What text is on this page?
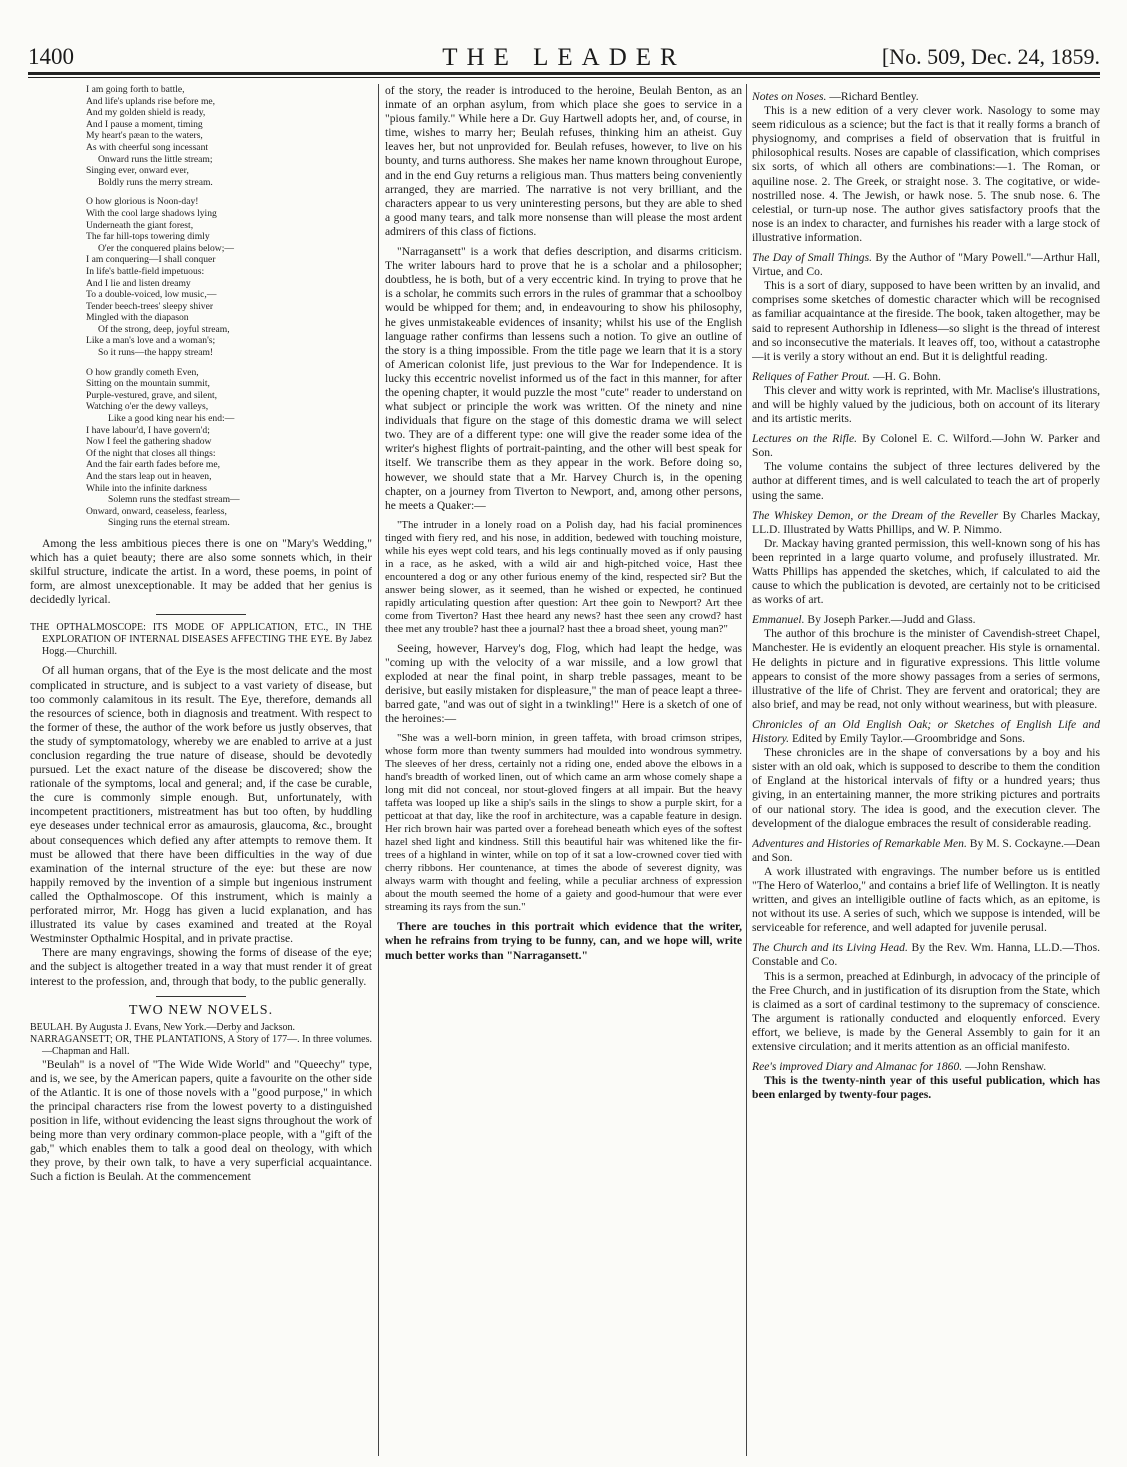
1400	THE LEADER	[No. 509, Dec. 24, 1859.
I am going forth to battle,
And life's uplands rise before me,
And my golden shield is ready,
And I pause a moment, timing
My heart's pæan to the waters,
As with cheerful song incessant
Onward runs the little stream;
Singing ever, onward ever,
Boldly runs the merry stream.
O how glorious is Noon-day!
With the cool large shadows lying
Underneath the giant forest,
The far hill-tops towering dimly
O'er the conquered plains below;—
I am conquering—I shall conquer
In life's battle-field impetuous:
And I lie and listen dreamy
To a double-voiced, low music,—
Tender beech-trees' sleepy shiver
Mingled with the diapason
Of the strong, deep, joyful stream,
Like a man's love and a woman's;
So it runs—the happy stream!
O how grandly cometh Even,
Sitting on the mountain summit,
Purple-vestured, grave, and silent,
Watching o'er the dewy valleys,
Like a good king near his end:—
I have labour'd, I have govern'd;
Now I feel the gathering shadow
Of the night that closes all things:
And the fair earth fades before me,
And the stars leap out in heaven,
While into the infinite darkness
Solemn runs the stedfast stream—
Onward, onward, ceaseless, fearless,
Singing runs the eternal stream.

Among the less ambitious pieces there is one on "Mary's Wedding," which has a quiet beauty; there are also some sonnets which, in their skilful structure, indicate the artist. In a word, these poems, in point of form, are almost unexceptionable. It may be added that her genius is decidedly lyrical.

THE OPTHALMOSCOPE: ITS MODE OF APPLICATION, ETC., IN THE EXPLORATION OF INTERNAL DISEASES AFFECTING THE EYE. By Jabez Hogg.—Churchill.

Of all human organs, that of the Eye is the most delicate and the most complicated in structure, and is subject to a vast variety of disease, but too commonly calamitous in its result. The Eye, therefore, demands all the resources of science, both in diagnosis and treatment. With respect to the former of these, the author of the work before us justly observes, that the study of symptomatology, whereby we are enabled to arrive at a just conclusion regarding the true nature of disease, should be devotedly pursued. Let the exact nature of the disease be discovered; show the rationale of the symptoms, local and general; and, if the case be curable, the cure is commonly simple enough. But, unfortunately, with incompetent practitioners, mistreatment has but too often, by huddling eye deseases under technical error as amaurosis, glaucoma, &c., brought about consequences which defied any after attempts to remove them. It must be allowed that there have been difficulties in the way of due examination of the internal structure of the eye: but these are now happily removed by the invention of a simple but ingenious instrument called the Opthalmoscope. Of this instrument, which is mainly a perforated mirror, Mr. Hogg has given a lucid explanation, and has illustrated its value by cases examined and treated at the Royal Westminster Opthalmic Hospital, and in private practise.

There are many engravings, showing the forms of disease of the eye; and the subject is altogether treated in a way that must render it of great interest to the profession, and, through that body, to the public generally.

TWO NEW NOVELS.

BEULAH. By Augusta J. Evans, New York.—Derby and Jackson.

NARRAGANSETT; OR, THE PLANTATIONS, A Story of 177—. In three volumes.—Chapman and Hall.

"Beulah" is a novel of "The Wide Wide World" and "Queechy" type, and is, we see, by the American papers, quite a favourite on the other side of the Atlantic. It is one of those novels with a "good purpose," in which the principal characters rise from the lowest poverty to a distinguished position in life, without evidencing the least signs throughout the work of being more than very ordinary common-place people, with a "gift of the gab," which enables them to talk a good deal on theology, with which they prove, by their own talk, to have a very superficial acquaintance. Such a fiction is Beulah. At the commencement

of the story, the reader is introduced to the heroine, Beulah Benton, as an inmate of an orphan asylum, from which place she goes to service in a "pious family." While here a Dr. Guy Hartwell adopts her, and, of course, in time, wishes to marry her; Beulah refuses, thinking him an atheist. Guy leaves her, but not unprovided for. Beulah refuses, however, to live on his bounty, and turns authoress. She makes her name known throughout Europe, and in the end Guy returns a religious man. Thus matters being conveniently arranged, they are married. The narrative is not very brilliant, and the characters appear to us very uninteresting persons, but they are able to shed a good many tears, and talk more nonsense than will please the most ardent admirers of this class of fictions.

"Narragansett" is a work that defies description, and disarms criticism. The writer labours hard to prove that he is a scholar and a philosopher; doubtless, he is both, but of a very eccentric kind. In trying to prove that he is a scholar, he commits such errors in the rules of grammar that a schoolboy would be whipped for them; and, in endeavouring to show his philosophy, he gives unmistakeable evidences of insanity; whilst his use of the English language rather confirms than lessens such a notion. To give an outline of the story is a thing impossible. From the title page we learn that it is a story of American colonist life, just previous to the War for Independence. It is lucky this eccentric novelist informed us of the fact in this manner, for after the opening chapter, it would puzzle the most "cute" reader to understand on what subject or principle the work was written. Of the ninety and nine individuals that figure on the stage of this domestic drama we will select two. They are of a different type: one will give the reader some idea of the writer's highest flights of portrait-painting, and the other will best speak for itself. We transcribe them as they appear in the work. Before doing so, however, we should state that a Mr. Harvey Church is, in the opening chapter, on a journey from Tiverton to Newport, and, among other persons, he meets a Quaker:—

"The intruder in a lonely road on a Polish day, had his facial prominences tinged with fiery red, and his nose, in addition, bedewed with touching moisture, while his eyes wept cold tears, and his legs continually moved as if only pausing in a race, as he asked, with a wild air and high-pitched voice, Hast thee encountered a dog or any other furious enemy of the kind, respected sir? But the answer being slower, as it seemed, than he wished or expected, he continued rapidly articulating question after question: Art thee goin to Newport? Art thee come from Tiverton? Hast thee heard any news? hast thee seen any crowd? hast thee met any trouble? hast thee a journal? hast thee a broad sheet, young man?"

Seeing, however, Harvey's dog, Flog, which had leapt the hedge, was "coming up with the velocity of a war missile, and a low growl that exploded at near the final point, in sharp treble passages, meant to be derisive, but easily mistaken for displeasure," the man of peace leapt a three-barred gate, "and was out of sight in a twinkling!" Here is a sketch of one of the heroines:—

"She was a well-born minion, in green taffeta, with broad crimson stripes, whose form more than twenty summers had moulded into wondrous symmetry. The sleeves of her dress, certainly not a riding one, ended above the elbows in a hand's breadth of worked linen, out of which came an arm whose comely shape a long mit did not conceal, nor stout-gloved fingers at all impair. But the heavy taffeta was looped up like a ship's sails in the slings to show a purple skirt, for a petticoat at that day, like the roof in architecture, was a capable feature in design. Her rich brown hair was parted over a forehead beneath which eyes of the softest hazel shed light and kindness. Still this beautiful hair was whitened like the fir-trees of a highland in winter, while on top of it sat a low-crowned cover tied with cherry ribbons. Her countenance, at times the abode of severest dignity, was always warm with thought and feeling, while a peculiar archness of expression about the mouth seemed the home of a gaiety and good-humour that were ever streaming its rays from the sun."

There are touches in this portrait which evidence that the writer, when he refrains from trying to be funny, can, and we hope will, write much better works than "Narragansett."

Notes on Noses. —Richard Bentley.

This is a new edition of a very clever work. Nasology to some may seem ridiculous as a science; but the fact is that it really forms a branch of physiognomy, and comprises a field of observation that is fruitful in philosophical results. Noses are capable of classification, which comprises six sorts, of which all others are combinations:—1. The Roman, or aquiline nose. 2. The Greek, or straight nose. 3. The cogitative, or wide-nostrilled nose. 4. The Jewish, or hawk nose. 5. The snub nose. 6. The celestial, or turn-up nose. The author gives satisfactory proofs that the nose is an index to character, and furnishes his reader with a large stock of illustrative information.

The Day of Small Things. By the Author of "Mary Powell."—Arthur Hall, Virtue, and Co.

This is a sort of diary, supposed to have been written by an invalid, and comprises some sketches of domestic character which will be recognised as familiar acquaintance at the fireside. The book, taken altogether, may be said to represent Authorship in Idleness—so slight is the thread of interest and so inconsecutive the materials. It leaves off, too, without a catastrophe—it is verily a story without an end. But it is delightful reading.

Reliques of Father Prout. —H. G. Bohn.

This clever and witty work is reprinted, with Mr. Maclise's illustrations, and will be highly valued by the judicious, both on account of its literary and its artistic merits.

Lectures on the Rifle. By Colonel E. C. Wilford.—John W. Parker and Son.

The volume contains the subject of three lectures delivered by the author at different times, and is well calculated to teach the art of properly using the same.

The Whiskey Demon, or the Dream of the Reveller By Charles Mackay, LL.D. Illustrated by Watts Phillips, and W. P. Nimmo.

Dr. Mackay having granted permission, this well-known song of his has been reprinted in a large quarto volume, and profusely illustrated. Mr. Watts Phillips has appended the sketches, which, if calculated to aid the cause to which the publication is devoted, are certainly not to be criticised as works of art.

Emmanuel. By Joseph Parker.—Judd and Glass.

The author of this brochure is the minister of Cavendish-street Chapel, Manchester. He is evidently an eloquent preacher. His style is ornamental. He delights in picture and in figurative expressions. This little volume appears to consist of the more showy passages from a series of sermons, illustrative of the life of Christ. They are fervent and oratorical; they are also brief, and may be read, not only without weariness, but with pleasure.

Chronicles of an Old English Oak; or Sketches of English Life and History. Edited by Emily Taylor.—Groombridge and Sons.

These chronicles are in the shape of conversations by a boy and his sister with an old oak, which is supposed to describe to them the condition of England at the historical intervals of fifty or a hundred years; thus giving, in an entertaining manner, the more striking pictures and portraits of our national story. The idea is good, and the execution clever. The development of the dialogue embraces the result of considerable reading.

Adventures and Histories of Remarkable Men. By M. S. Cockayne.—Dean and Son.

A work illustrated with engravings. The number before us is entitled "The Hero of Waterloo," and contains a brief life of Wellington. It is neatly written, and gives an intelligible outline of facts which, as an epitome, is not without its use. A series of such, which we suppose is intended, will be serviceable for reference, and well adapted for juvenile perusal.

The Church and its Living Head. By the Rev. Wm. Hanna, LL.D.—Thos. Constable and Co.

This is a sermon, preached at Edinburgh, in advocacy of the principle of the Free Church, and in justification of its disruption from the State, which is claimed as a sort of cardinal testimony to the supremacy of conscience. The argument is rationally conducted and eloquently enforced. Every effort, we believe, is made by the General Assembly to gain for it an extensive circulation; and it merits attention as an official manifesto.

Ree's improved Diary and Almanac for 1860. —John Renshaw.

This is the twenty-ninth year of this useful publication, which has been enlarged by twenty-four pages.
